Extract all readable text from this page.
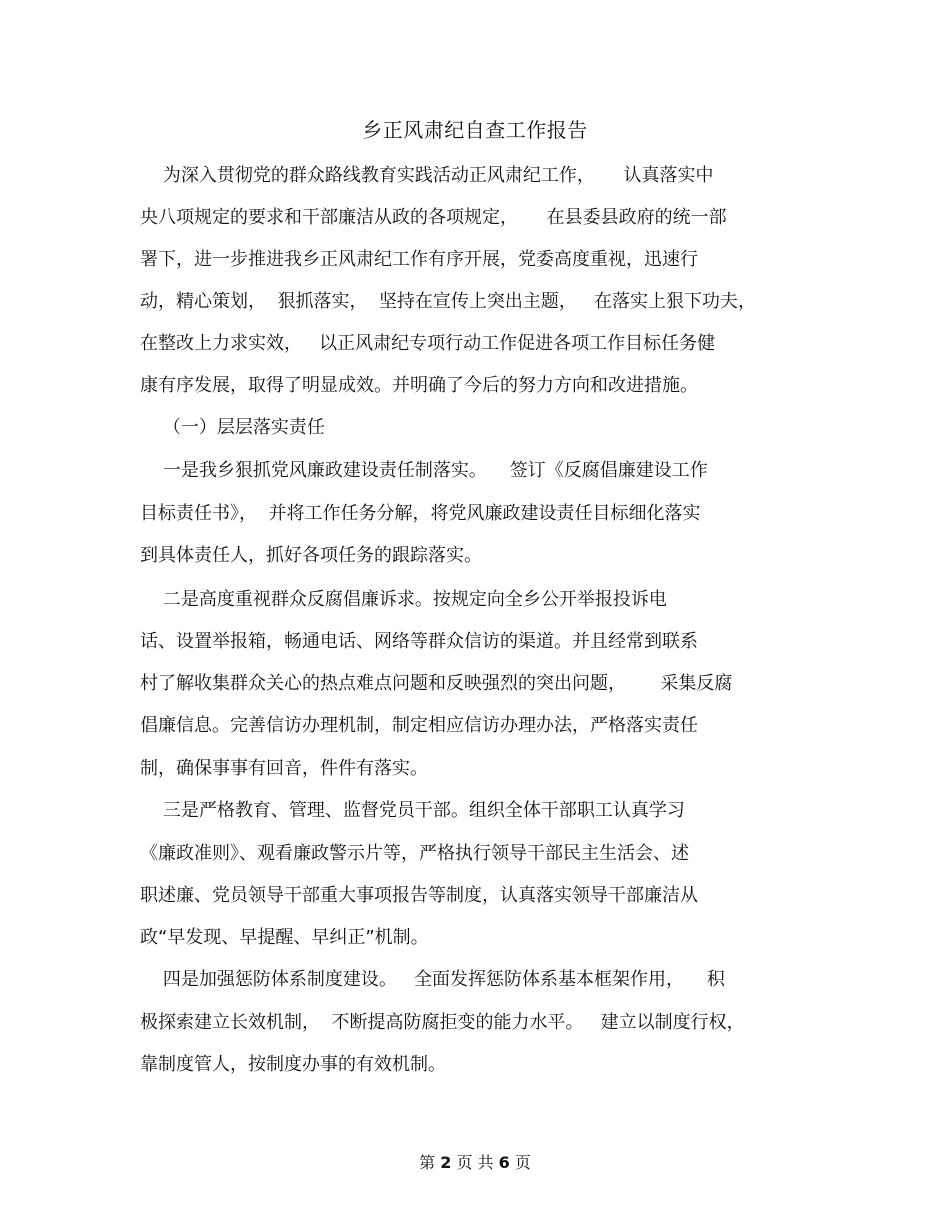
乡正风肃纪自查工作报告
为深入贯彻党的群众路线教育实践活动正风肃纪工作，     认真落实中
央八项规定的要求和干部廉洁从政的各项规定，     在县委县政府的统一部
署下，进一步推进我乡正风肃纪工作有序开展，党委高度重视，迅速行
动，精心策划，  狠抓落实，  坚持在宣传上突出主题，   在落实上狠下功夫，
在整改上力求实效，   以正风肃纪专项行动工作促进各项工作目标任务健
康有序发展，取得了明显成效。并明确了今后的努力方向和改进措施。
（一）层层落实责任
一是我乡狠抓党风廉政建设责任制落实。    签订《反腐倡廉建设工作
目标责任书》，  并将工作任务分解，将党风廉政建设责任目标细化落实
到具体责任人，抓好各项任务的跟踪落实。
二是高度重视群众反腐倡廉诉求。按规定向全乡公开举报投诉电
话、设置举报箱，畅通电话、网络等群众信访的渠道。并且经常到联系
村了解收集群众关心的热点难点问题和反映强烈的突出问题，      采集反腐
倡廉信息。完善信访办理机制，制定相应信访办理办法，严格落实责任
制，确保事事有回音，件件有落实。
三是严格教育、管理、监督党员干部。组织全体干部职工认真学习
《廉政准则》、观看廉政警示片等，严格执行领导干部民主生活会、述
职述廉、党员领导干部重大事项报告等制度，认真落实领导干部廉洁从
政“早发现、早提醒、早纠正”机制。
四是加强惩防体系制度建设。   全面发挥惩防体系基本框架作用，    积
极探索建立长效机制，  不断提高防腐拒变的能力水平。   建立以制度行权，
靠制度管人，按制度办事的有效机制。
第 2 页 共 6 页
